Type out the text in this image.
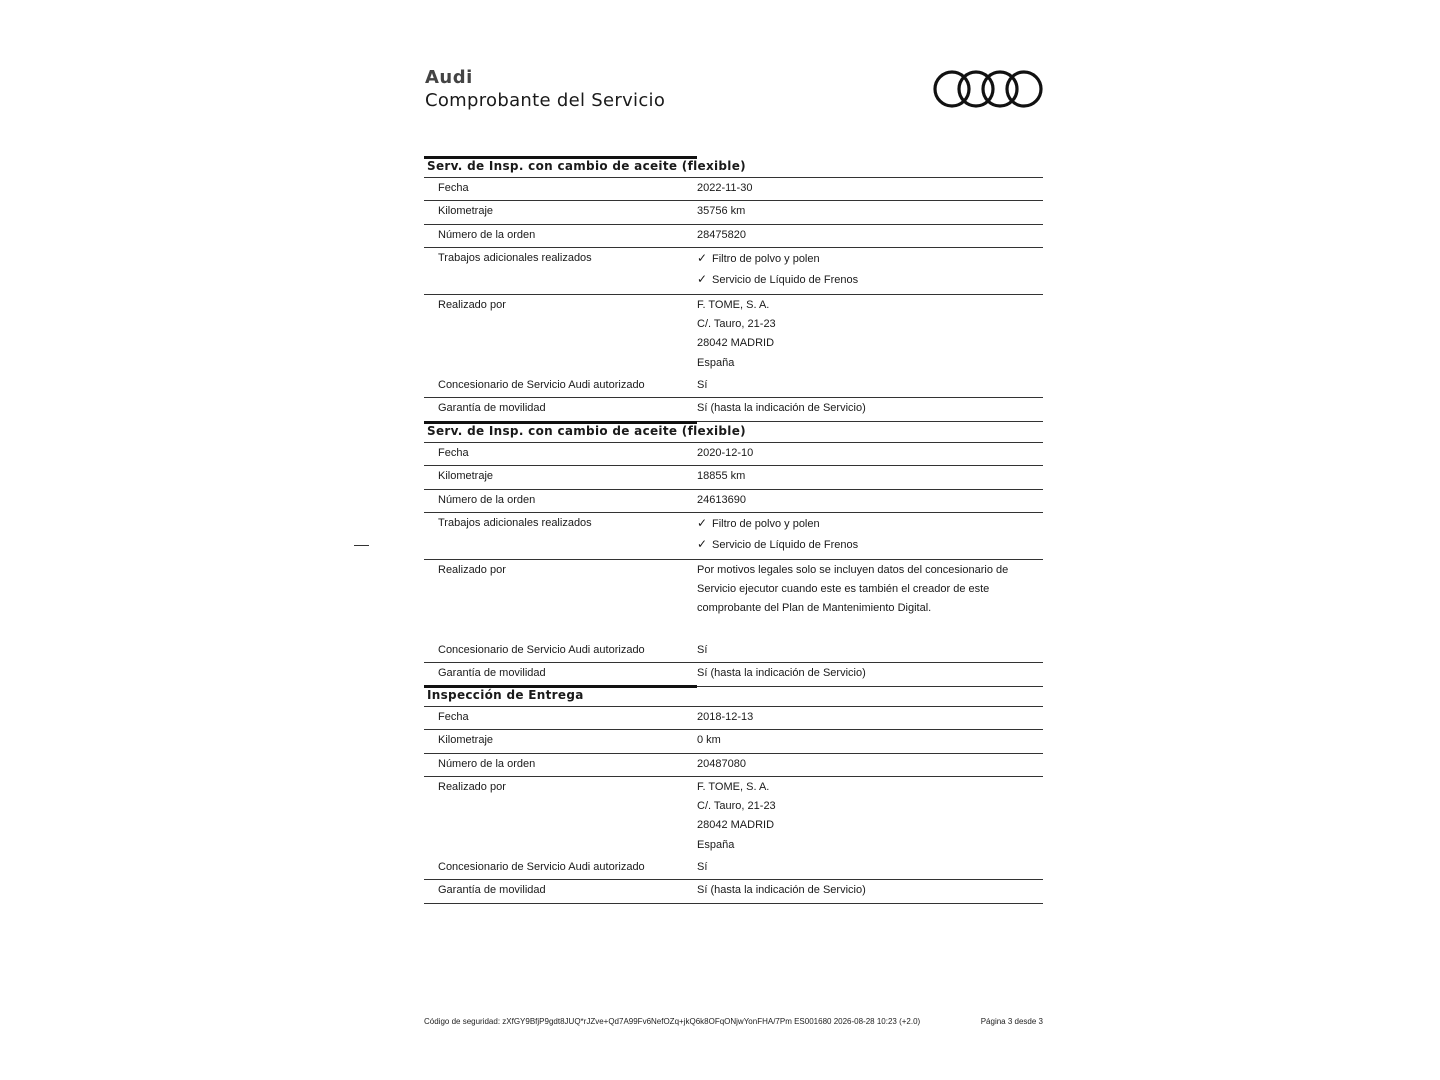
Audi
Comprobante del Servicio
Serv. de Insp. con cambio de aceite (flexible)
Fecha	2022-11-30
Kilometraje	35756 km
Número de la orden	28475820
Trabajos adicionales realizados	✓ Filtro de polvo y polen
✓ Servicio de Líquido de Frenos
Realizado por	F. TOME, S. A.
C/. Tauro, 21-23
28042 MADRID
España
Concesionario de Servicio Audi autorizado	Sí
Garantía de movilidad	Sí (hasta la indicación de Servicio)
Serv. de Insp. con cambio de aceite (flexible)
Fecha	2020-12-10
Kilometraje	18855 km
Número de la orden	24613690
Trabajos adicionales realizados	✓ Filtro de polvo y polen
✓ Servicio de Líquido de Frenos
Realizado por	Por motivos legales solo se incluyen datos del concesionario de
Servicio ejecutor cuando este es también el creador de este
comprobante del Plan de Mantenimiento Digital.
Concesionario de Servicio Audi autorizado	Sí
Garantía de movilidad	Sí (hasta la indicación de Servicio)
Inspección de Entrega
Fecha	2018-12-13
Kilometraje	0 km
Número de la orden	20487080
Realizado por	F. TOME, S. A.
C/. Tauro, 21-23
28042 MADRID
España
Concesionario de Servicio Audi autorizado	Sí
Garantía de movilidad	Sí (hasta la indicación de Servicio)
Código de seguridad: zXfGY9BfjP9gdt8JUQ*rJZve+Qd7A99Fv6NefOZq+jkQ6k8OFqONjwYonFHA/7Pm ES001680 2026-08-28 10:23 (+2.0)	Página 3 desde 3
